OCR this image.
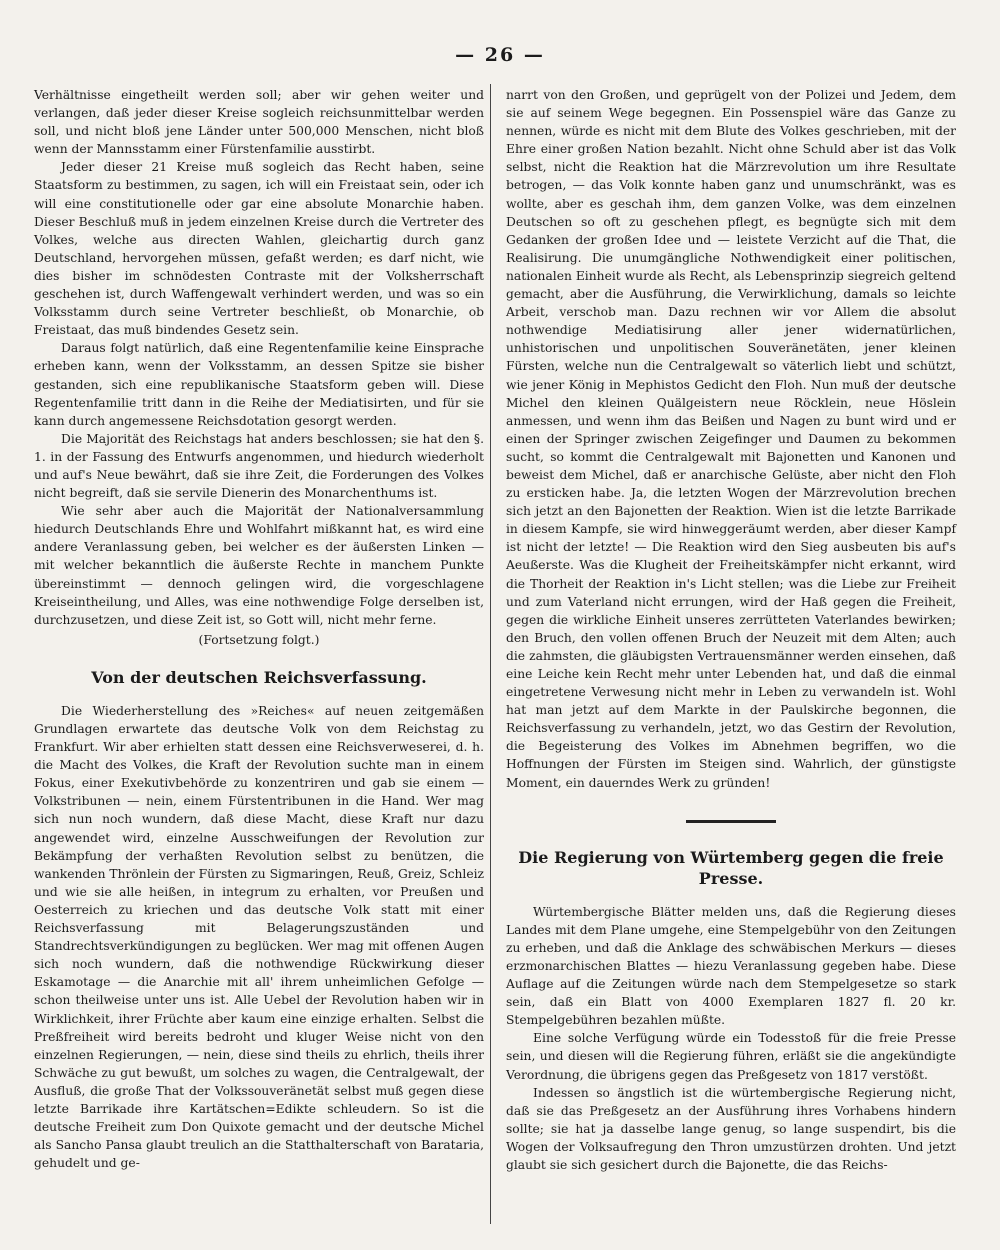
— 26 —

Verhältnisse eingetheilt werden soll; aber wir gehen weiter und verlangen, daß jeder dieser Kreise sogleich reichsunmittelbar werden soll, und nicht bloß jene Länder unter 500,000 Menschen, nicht bloß wenn der Mannsstamm einer Fürstenfamilie ausstirbt.

Jeder dieser 21 Kreise muß sogleich das Recht haben, seine Staatsform zu bestimmen, zu sagen, ich will ein Freistaat sein, oder ich will eine constitutionelle oder gar eine absolute Monarchie haben. Dieser Beschluß muß in jedem einzelnen Kreise durch die Vertreter des Volkes, welche aus directen Wahlen, gleichartig durch ganz Deutschland, hervorgehen müssen, gefaßt werden; es darf nicht, wie dies bisher im schnödesten Contraste mit der Volksherrschaft geschehen ist, durch Waffengewalt verhindert werden, und was so ein Volksstamm durch seine Vertreter beschließt, ob Monarchie, ob Freistaat, das muß bindendes Gesetz sein.

Daraus folgt natürlich, daß eine Regentenfamilie keine Einsprache erheben kann, wenn der Volksstamm, an dessen Spitze sie bisher gestanden, sich eine republikanische Staatsform geben will. Diese Regentenfamilie tritt dann in die Reihe der Mediatisirten, und für sie kann durch angemessene Reichsdotation gesorgt werden.

Die Majorität des Reichstags hat anders beschlossen; sie hat den §. 1. in der Fassung des Entwurfs angenommen, und hiedurch wiederholt und auf's Neue bewährt, daß sie ihre Zeit, die Forderungen des Volkes nicht begreift, daß sie servile Dienerin des Monarchenthums ist.

Wie sehr aber auch die Majorität der Nationalversammlung hiedurch Deutschlands Ehre und Wohlfahrt mißkannt hat, es wird eine andere Veranlassung geben, bei welcher es der äußersten Linken — mit welcher bekanntlich die äußerste Rechte in manchem Punkte übereinstimmt — dennoch gelingen wird, die vorgeschlagene Kreiseintheilung, und Alles, was eine nothwendige Folge derselben ist, durchzusetzen, und diese Zeit ist, so Gott will, nicht mehr ferne.

(Fortsetzung folgt.)

Von der deutschen Reichsverfassung.

Die Wiederherstellung des »Reiches« auf neuen zeitgemäßen Grundlagen erwartete das deutsche Volk von dem Reichstag zu Frankfurt. Wir aber erhielten statt dessen eine Reichsverweserei, d. h. die Macht des Volkes, die Kraft der Revolution suchte man in einem Fokus, einer Exekutivbehörde zu konzentriren und gab sie einem — Volkstribunen — nein, einem Fürstentribunen in die Hand. Wer mag sich nun noch wundern, daß diese Macht, diese Kraft nur dazu angewendet wird, einzelne Ausschweifungen der Revolution zur Bekämpfung der verhaßten Revolution selbst zu benützen, die wankenden Thrönlein der Fürsten zu Sigmaringen, Reuß, Greiz, Schleiz und wie sie alle heißen, in integrum zu erhalten, vor Preußen und Oesterreich zu kriechen und das deutsche Volk statt mit einer Reichsverfassung mit Belagerungszuständen und Standrechtsverkündigungen zu beglücken. Wer mag mit offenen Augen sich noch wundern, daß die nothwendige Rückwirkung dieser Eskamotage — die Anarchie mit all' ihrem unheimlichen Gefolge — schon theilweise unter uns ist. Alle Uebel der Revolution haben wir in Wirklichkeit, ihrer Früchte aber kaum eine einzige erhalten. Selbst die Preßfreiheit wird bereits bedroht und kluger Weise nicht von den einzelnen Regierungen, — nein, diese sind theils zu ehrlich, theils ihrer Schwäche zu gut bewußt, um solches zu wagen, die Centralgewalt, der Ausfluß, die große That der Volkssouveränetät selbst muß gegen diese letzte Barrikade ihre Kartätschen=Edikte schleudern. So ist die deutsche Freiheit zum Don Quixote gemacht und der deutsche Michel als Sancho Pansa glaubt treulich an die Statthalterschaft von Barataria, gehudelt und ge-

narrt von den Großen, und geprügelt von der Polizei und Jedem, dem sie auf seinem Wege begegnen. Ein Possenspiel wäre das Ganze zu nennen, würde es nicht mit dem Blute des Volkes geschrieben, mit der Ehre einer großen Nation bezahlt. Nicht ohne Schuld aber ist das Volk selbst, nicht die Reaktion hat die Märzrevolution um ihre Resultate betrogen, — das Volk konnte haben ganz und unumschränkt, was es wollte, aber es geschah ihm, dem ganzen Volke, was dem einzelnen Deutschen so oft zu geschehen pflegt, es begnügte sich mit dem Gedanken der großen Idee und — leistete Verzicht auf die That, die Realisirung. Die unumgängliche Nothwendigkeit einer politischen, nationalen Einheit wurde als Recht, als Lebensprinzip siegreich geltend gemacht, aber die Ausführung, die Verwirklichung, damals so leichte Arbeit, verschob man. Dazu rechnen wir vor Allem die absolut nothwendige Mediatisirung aller jener widernatürlichen, unhistorischen und unpolitischen Souveränetäten, jener kleinen Fürsten, welche nun die Centralgewalt so väterlich liebt und schützt, wie jener König in Mephistos Gedicht den Floh. Nun muß der deutsche Michel den kleinen Quälgeistern neue Röcklein, neue Höslein anmessen, und wenn ihm das Beißen und Nagen zu bunt wird und er einen der Springer zwischen Zeigefinger und Daumen zu bekommen sucht, so kommt die Centralgewalt mit Bajonetten und Kanonen und beweist dem Michel, daß er anarchische Gelüste, aber nicht den Floh zu ersticken habe. Ja, die letzten Wogen der Märzrevolution brechen sich jetzt an den Bajonetten der Reaktion. Wien ist die letzte Barrikade in diesem Kampfe, sie wird hinweggeräumt werden, aber dieser Kampf ist nicht der letzte! — Die Reaktion wird den Sieg ausbeuten bis auf's Aeußerste. Was die Klugheit der Freiheitskämpfer nicht erkannt, wird die Thorheit der Reaktion in's Licht stellen; was die Liebe zur Freiheit und zum Vaterland nicht errungen, wird der Haß gegen die Freiheit, gegen die wirkliche Einheit unseres zerrütteten Vaterlandes bewirken; den Bruch, den vollen offenen Bruch der Neuzeit mit dem Alten; auch die zahmsten, die gläubigsten Vertrauensmänner werden einsehen, daß eine Leiche kein Recht mehr unter Lebenden hat, und daß die einmal eingetretene Verwesung nicht mehr in Leben zu verwandeln ist. Wohl hat man jetzt auf dem Markte in der Paulskirche begonnen, die Reichsverfassung zu verhandeln, jetzt, wo das Gestirn der Revolution, die Begeisterung des Volkes im Abnehmen begriffen, wo die Hoffnungen der Fürsten im Steigen sind. Wahrlich, der günstigste Moment, ein dauerndes Werk zu gründen!

Die Regierung von Würtemberg gegen die freie Presse.

Würtembergische Blätter melden uns, daß die Regierung dieses Landes mit dem Plane umgehe, eine Stempelgebühr von den Zeitungen zu erheben, und daß die Anklage des schwäbischen Merkurs — dieses erzmonarchischen Blattes — hiezu Veranlassung gegeben habe. Diese Auflage auf die Zeitungen würde nach dem Stempelgesetze so stark sein, daß ein Blatt von 4000 Exemplaren 1827 fl. 20 kr. Stempelgebühren bezahlen müßte.

Eine solche Verfügung würde ein Todesstoß für die freie Presse sein, und diesen will die Regierung führen, erläßt sie die angekündigte Verordnung, die übrigens gegen das Preßgesetz von 1817 verstößt.

Indessen so ängstlich ist die würtembergische Regierung nicht, daß sie das Preßgesetz an der Ausführung ihres Vorhabens hindern sollte; sie hat ja dasselbe lange genug, so lange suspendirt, bis die Wogen der Volksaufregung den Thron umzustürzen drohten. Und jetzt glaubt sie sich gesichert durch die Bajonette, die das Reichs-
